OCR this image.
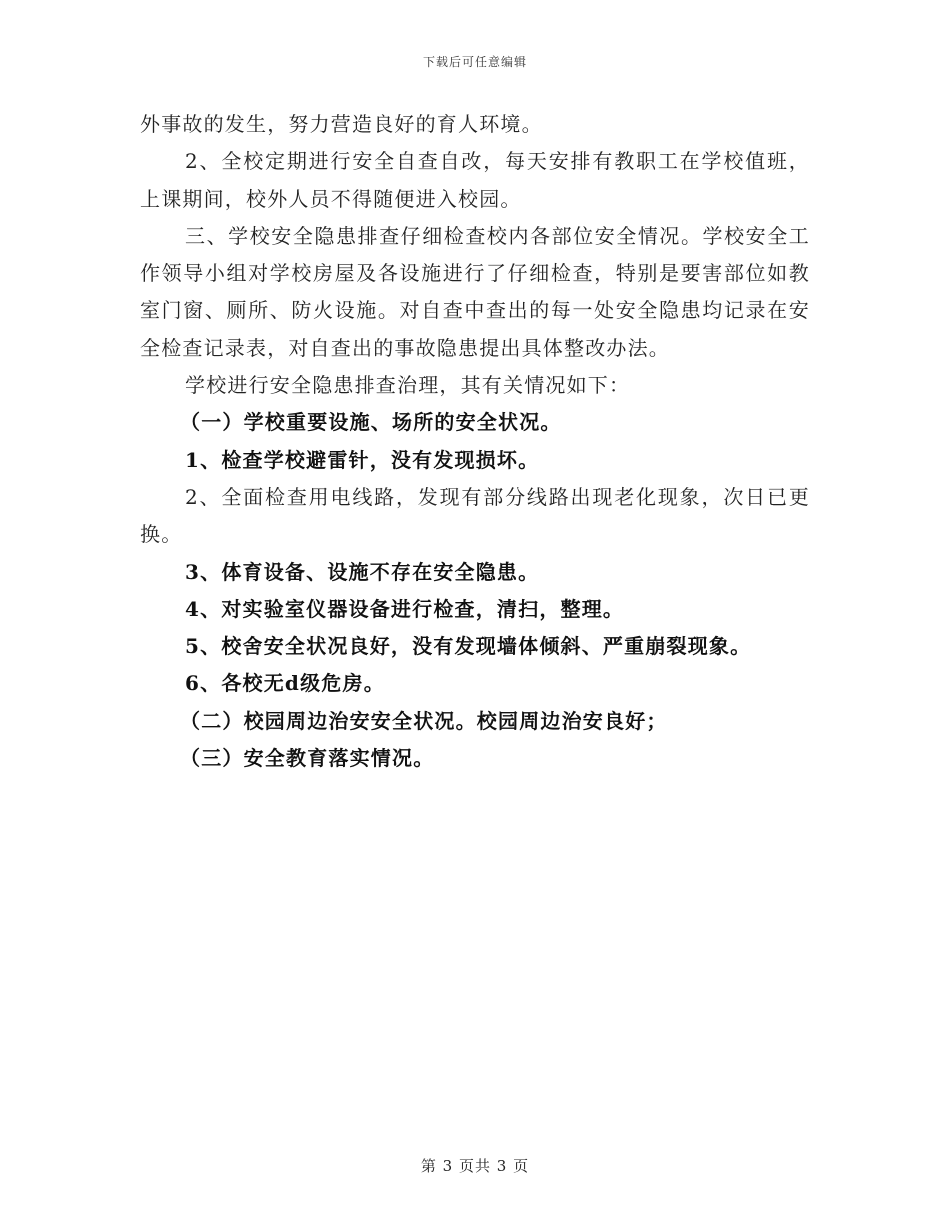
下载后可任意编辑

外事故的发生，努力营造良好的育人环境。

2、全校定期进行安全自查自改，每天安排有教职工在学校值班，上课期间，校外人员不得随便进入校园。

三、学校安全隐患排查仔细检查校内各部位安全情况。学校安全工作领导小组对学校房屋及各设施进行了仔细检查，特别是要害部位如教室门窗、厕所、防火设施。对自查中查出的每一处安全隐患均记录在安全检查记录表，对自查出的事故隐患提出具体整改办法。

学校进行安全隐患排查治理，其有关情况如下：

（一）学校重要设施、场所的安全状况。

1、检查学校避雷针，没有发现损坏。

2、全面检查用电线路，发现有部分线路出现老化现象，次日已更换。

3、体育设备、设施不存在安全隐患。

4、对实验室仪器设备进行检查，清扫，整理。

5、校舍安全状况良好，没有发现墙体倾斜、严重崩裂现象。

6、各校无d级危房。

（二）校园周边治安安全状况。校园周边治安良好；

（三）安全教育落实情况。

第 3 页共 3 页
